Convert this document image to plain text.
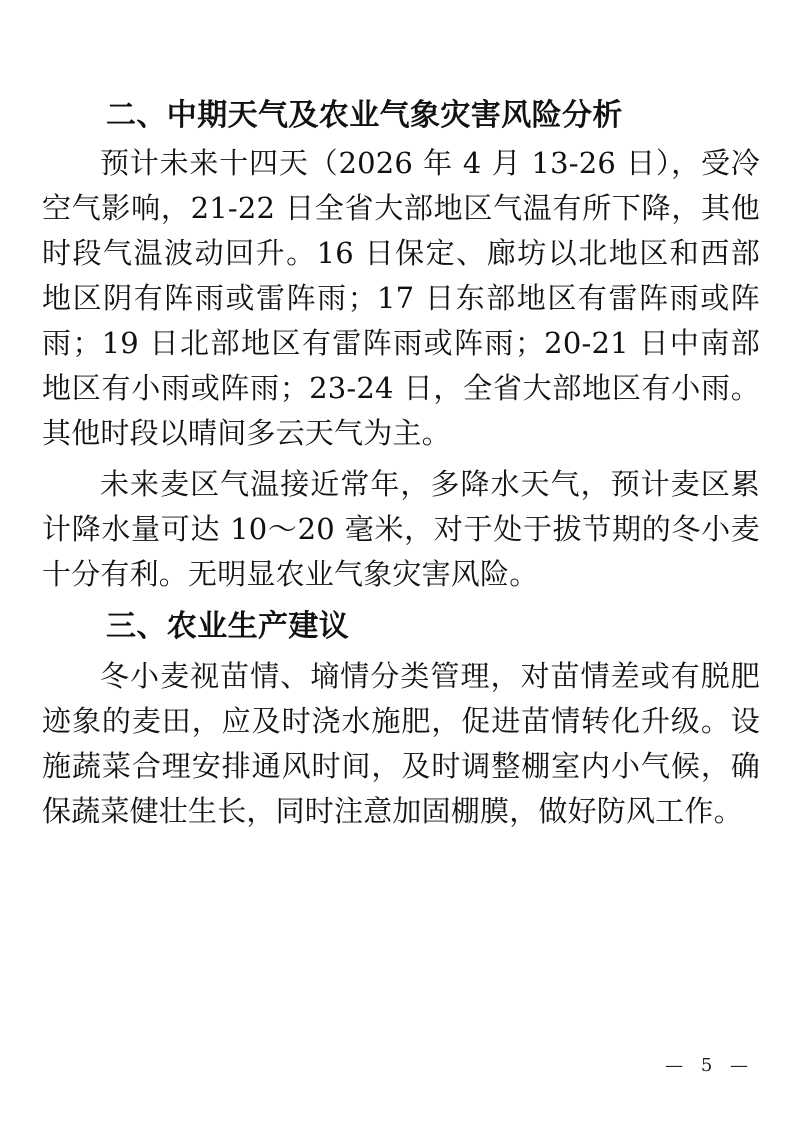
二、中期天气及农业气象灾害风险分析

预计未来十四天（2026 年 4 月 13-26 日），受冷空气影响，21-22 日全省大部地区气温有所下降，其他时段气温波动回升。16 日保定、廊坊以北地区和西部地区阴有阵雨或雷阵雨；17 日东部地区有雷阵雨或阵雨；19 日北部地区有雷阵雨或阵雨；20-21 日中南部地区有小雨或阵雨；23-24 日，全省大部地区有小雨。其他时段以晴间多云天气为主。

未来麦区气温接近常年，多降水天气，预计麦区累计降水量可达 10～20 毫米，对于处于拔节期的冬小麦十分有利。无明显农业气象灾害风险。

三、农业生产建议

冬小麦视苗情、墒情分类管理，对苗情差或有脱肥迹象的麦田，应及时浇水施肥，促进苗情转化升级。设施蔬菜合理安排通风时间，及时调整棚室内小气候，确保蔬菜健壮生长，同时注意加固棚膜，做好防风工作。

— 5 —
